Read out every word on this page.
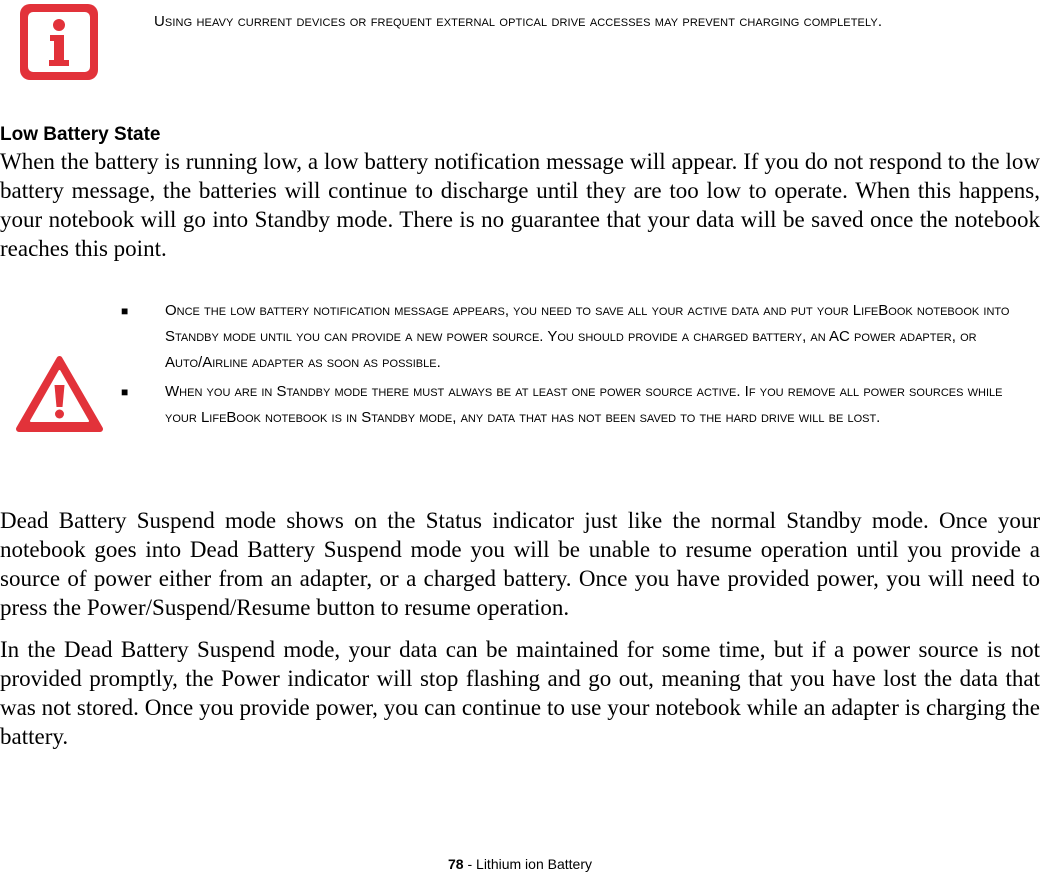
Using heavy current devices or frequent external optical drive accesses may prevent charging completely.
Low Battery State
When the battery is running low, a low battery notification message will appear. If you do not respond to the low battery message, the batteries will continue to discharge until they are too low to operate. When this happens, your notebook will go into Standby mode. There is no guarantee that your data will be saved once the notebook reaches this point.
■ Once the low battery notification message appears, you need to save all your active data and put your LifeBook notebook into Standby mode until you can provide a new power source. You should provide a charged battery, an AC power adapter, or Auto/Airline adapter as soon as possible.
■ When you are in Standby mode there must always be at least one power source active. If you remove all power sources while your LifeBook notebook is in Standby mode, any data that has not been saved to the hard drive will be lost.
Dead Battery Suspend mode shows on the Status indicator just like the normal Standby mode. Once your notebook goes into Dead Battery Suspend mode you will be unable to resume operation until you provide a source of power either from an adapter, or a charged battery. Once you have provided power, you will need to press the Power/Suspend/Resume button to resume operation.
In the Dead Battery Suspend mode, your data can be maintained for some time, but if a power source is not provided promptly, the Power indicator will stop flashing and go out, meaning that you have lost the data that was not stored. Once you provide power, you can continue to use your notebook while an adapter is charging the battery.
78 - Lithium ion Battery
